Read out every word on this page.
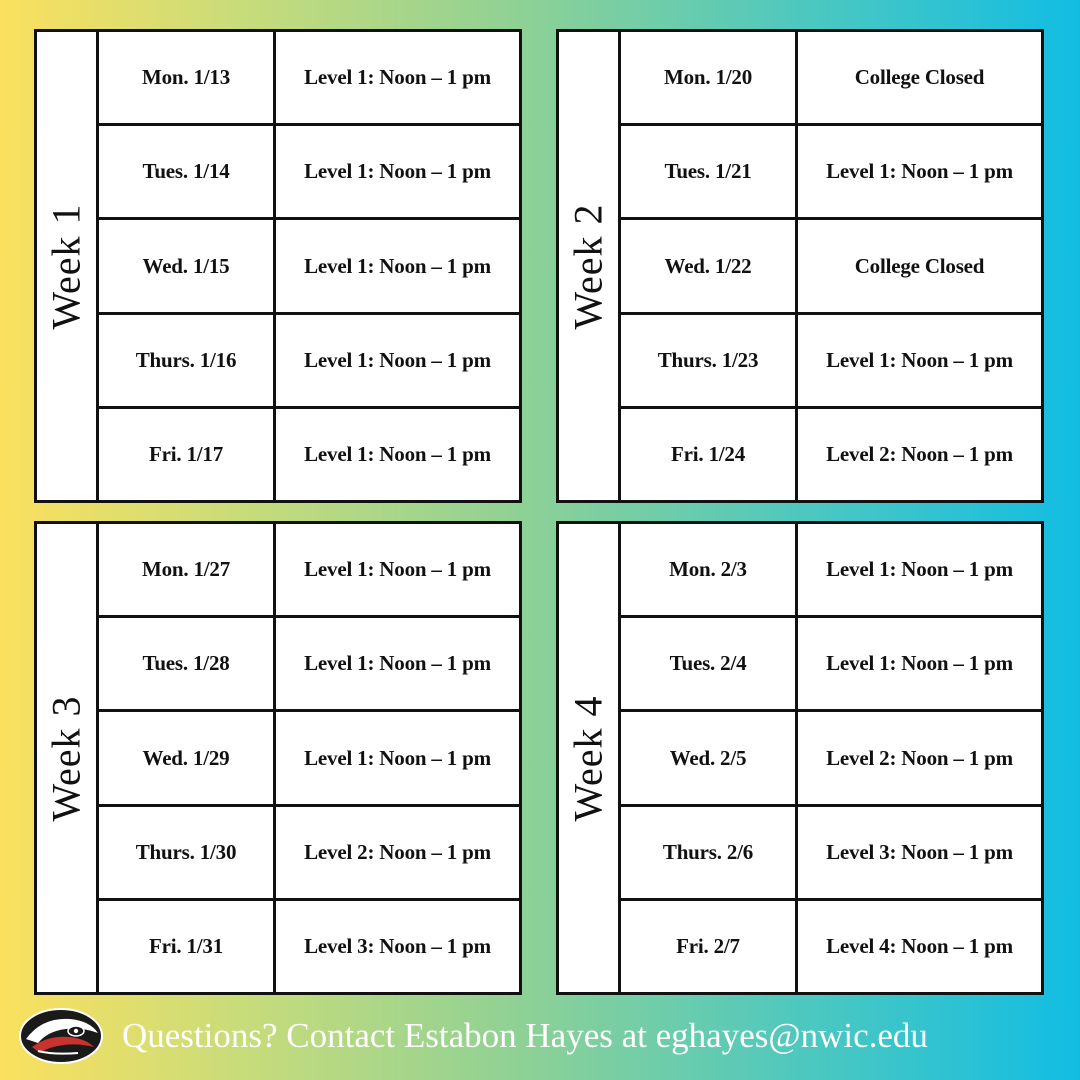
Week 1
Mon. 1/13	Level 1: Noon – 1 pm
Tues. 1/14	Level 1: Noon – 1 pm
Wed. 1/15	Level 1: Noon – 1 pm
Thurs. 1/16	Level 1: Noon – 1 pm
Fri. 1/17	Level 1: Noon – 1 pm
Week 2
Mon. 1/20	College Closed
Tues. 1/21	Level 1: Noon – 1 pm
Wed. 1/22	College Closed
Thurs. 1/23	Level 1: Noon – 1 pm
Fri. 1/24	Level 2: Noon – 1 pm
Week 3
Mon. 1/27	Level 1: Noon – 1 pm
Tues. 1/28	Level 1: Noon – 1 pm
Wed. 1/29	Level 1: Noon – 1 pm
Thurs. 1/30	Level 2: Noon – 1 pm
Fri. 1/31	Level 3: Noon – 1 pm
Week 4
Mon. 2/3	Level 1: Noon – 1 pm
Tues. 2/4	Level 1: Noon – 1 pm
Wed. 2/5	Level 2: Noon – 1 pm
Thurs. 2/6	Level 3: Noon – 1 pm
Fri. 2/7	Level 4: Noon – 1 pm
Questions? Contact Estabon Hayes at eghayes@nwic.edu
